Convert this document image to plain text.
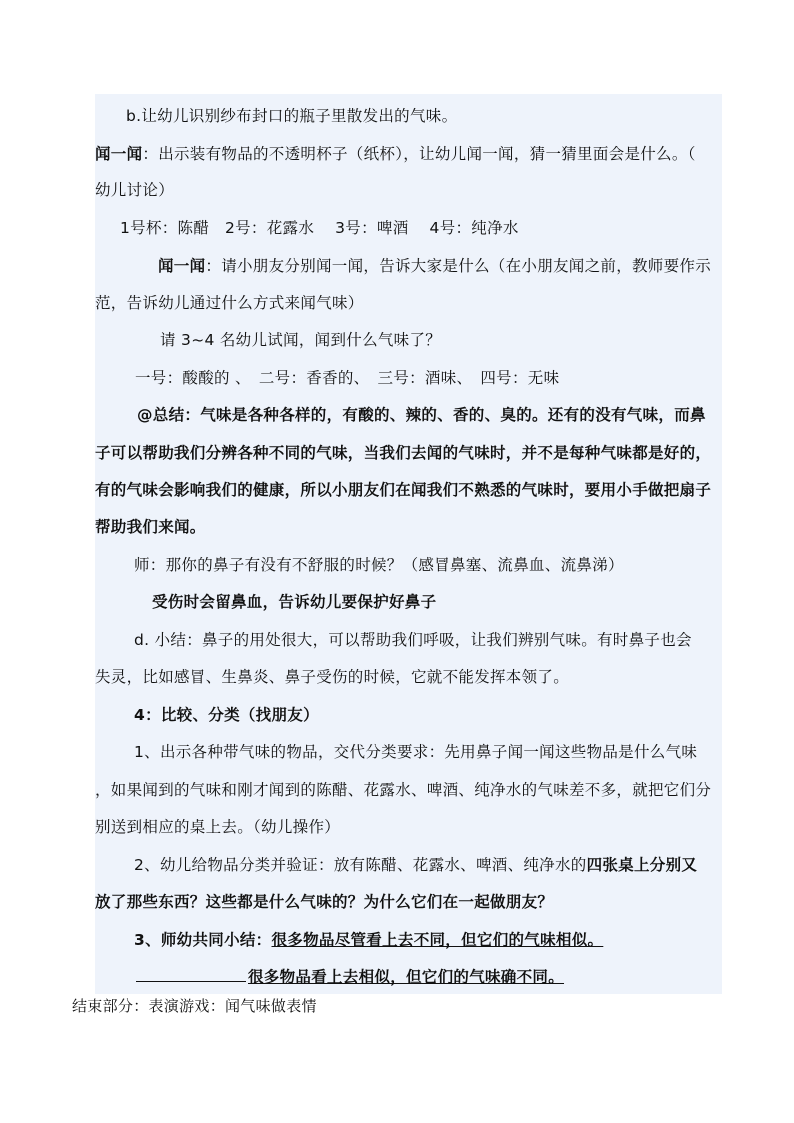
b.让幼儿识别纱布封口的瓶子里散发出的气味。
闻一闻：出示装有物品的不透明杯子（纸杯），让幼儿闻一闻，猜一猜里面会是什么。（
幼儿讨论）
1号杯：陈醋　2号：花露水　 3号：啤酒　 4号：纯净水
闻一闻：请小朋友分别闻一闻，告诉大家是什么（在小朋友闻之前，教师要作示
范，告诉幼儿通过什么方式来闻气味）
请 3~4 名幼儿试闻，闻到什么气味了？
一号：酸酸的 、　二号：香香的、　三号：酒味、　四号：无味
@总结：气味是各种各样的，有酸的、辣的、香的、臭的。还有的没有气味，而鼻
子可以帮助我们分辨各种不同的气味，当我们去闻的气味时，并不是每种气味都是好的，
有的气味会影响我们的健康，所以小朋友们在闻我们不熟悉的气味时，要用小手做把扇子
帮助我们来闻。
师：那你的鼻子有没有不舒服的时候？（感冒鼻塞、流鼻血、流鼻涕）
受伤时会留鼻血，告诉幼儿要保护好鼻子
d. 小结：鼻子的用处很大，可以帮助我们呼吸，让我们辨别气味。有时鼻子也会
失灵，比如感冒、生鼻炎、鼻子受伤的时候，它就不能发挥本领了。
4：比较、分类（找朋友）
1、出示各种带气味的物品，交代分类要求：先用鼻子闻一闻这些物品是什么气味
，如果闻到的气味和刚才闻到的陈醋、花露水、啤酒、纯净水的气味差不多，就把它们分
别送到相应的桌上去。（幼儿操作）
2、幼儿给物品分类并验证：放有陈醋、花露水、啤酒、纯净水的四张桌上分别又
放了那些东西？这些都是什么气味的？为什么它们在一起做朋友？
3、师幼共同小结：很多物品尽管看上去不同，但它们的气味相似。
很多物品看上去相似，但它们的气味确不同。
结束部分：表演游戏：闻气味做表情
